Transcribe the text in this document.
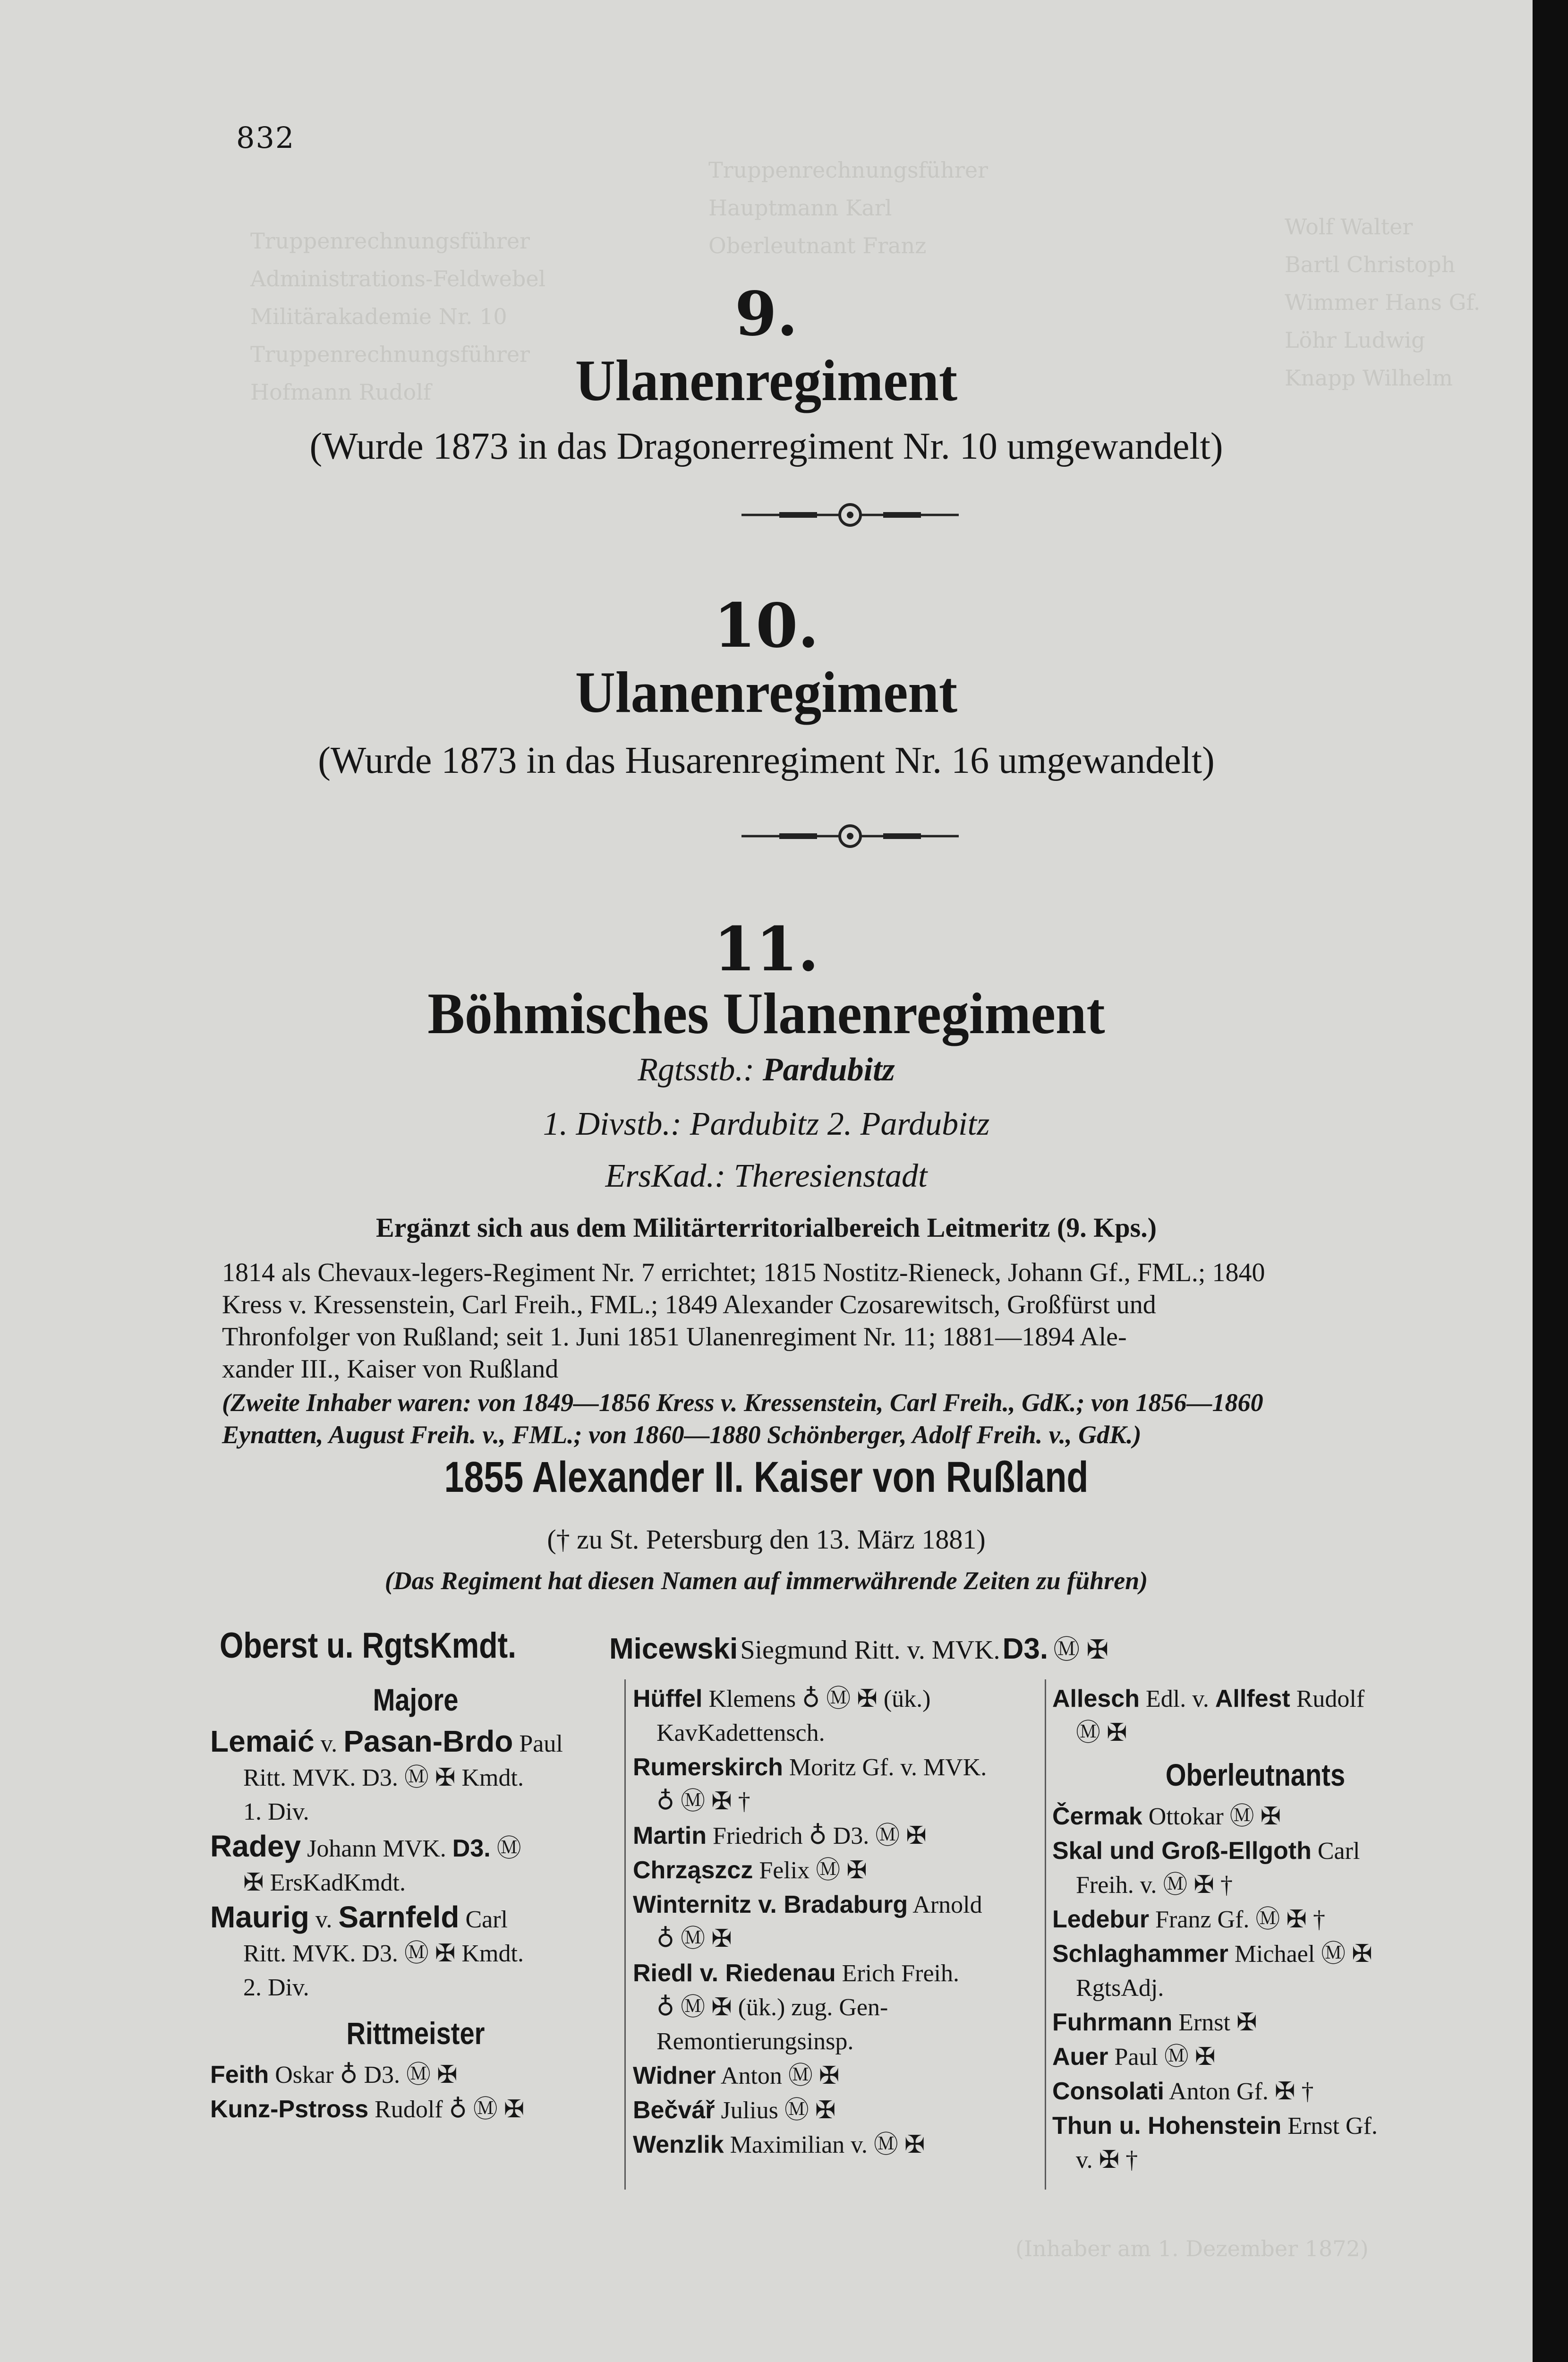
Truppenrechnungsführer
Administrations-Feldwebel
Militärakademie Nr. 10
Truppenrechnungsführer
Hofmann Rudolf
Wolf Walter
Bartl Christoph
Wimmer Hans Gf.
Löhr Ludwig
Knapp Wilhelm
Truppenrechnungsführer
Hauptmann Karl
Oberleutnant Franz
832
9.
Ulanenregiment
(Wurde 1873 in das Dragonerregiment Nr. 10 umgewandelt)
10.
Ulanenregiment
(Wurde 1873 in das Husarenregiment Nr. 16 umgewandelt)
11.
Böhmisches Ulanenregiment
Rgtsstb.: Pardubitz
1. Divstb.: Pardubitz 2. Pardubitz
ErsKad.: Theresienstadt
Ergänzt sich aus dem Militärterritorialbereich Leitmeritz (9. Kps.)
1814 als Chevaux-legers-Regiment Nr. 7 errichtet; 1815 Nostitz-Rieneck, Johann Gf., FML.; 1840
Kress v. Kressenstein, Carl Freih., FML.; 1849 Alexander Czosarewitsch, Großfürst und
Thronfolger von Rußland; seit 1. Juni 1851 Ulanenregiment Nr. 11; 1881—1894 Ale-
xander III., Kaiser von Rußland
(Zweite Inhaber waren: von 1849—1856 Kress v. Kressenstein, Carl Freih., GdK.; von 1856—1860
Eynatten, August Freih. v., FML.; von 1860—1880 Schönberger, Adolf Freih. v., GdK.)
1855 Alexander II. Kaiser von Rußland
(† zu St. Petersburg den 13. März 1881)
(Das Regiment hat diesen Namen auf immerwährende Zeiten zu führen)
Oberst u. RgtsKmdt.	Micewski Siegmund Ritt. v. MVK. D3. Ⓜ ✠
Majore
Lemaić v. Pasan-Brdo Paul
Ritt. MVK. D3. Ⓜ ✠ Kmdt.
1. Div.
Radey Johann MVK. D3. Ⓜ
✠ ErsKadKmdt.
Maurig v. Sarnfeld Carl
Ritt. MVK. D3. Ⓜ ✠ Kmdt.
2. Div.
Rittmeister
Feith Oskar ♁ D3. Ⓜ ✠
Kunz-Pstross Rudolf ♁ Ⓜ ✠
Hüffel Klemens ♁ Ⓜ ✠ (ük.)
KavKadettensch.
Rumerskirch Moritz Gf. v. MVK.
♁ Ⓜ ✠ †
Martin Friedrich ♁ D3. Ⓜ ✠
Chrząszcz Felix Ⓜ ✠
Winternitz v. Bradaburg Arnold
♁ Ⓜ ✠
Riedl v. Riedenau Erich Freih.
♁ Ⓜ ✠ (ük.) zug. Gen-
Remontierungsinsp.
Widner Anton Ⓜ ✠
Bečvář Julius Ⓜ ✠
Wenzlik Maximilian v. Ⓜ ✠
Allesch Edl. v. Allfest Rudolf
Ⓜ ✠
Oberleutnants
Čermak Ottokar Ⓜ ✠
Skal und Groß-Ellgoth Carl
Freih. v. Ⓜ ✠ †
Ledebur Franz Gf. Ⓜ ✠ †
Schlaghammer Michael Ⓜ ✠
RgtsAdj.
Fuhrmann Ernst ✠
Auer Paul Ⓜ ✠
Consolati Anton Gf. ✠ †
Thun u. Hohenstein Ernst Gf.
v. ✠ †
(Inhaber am 1. Dezember 1872)
